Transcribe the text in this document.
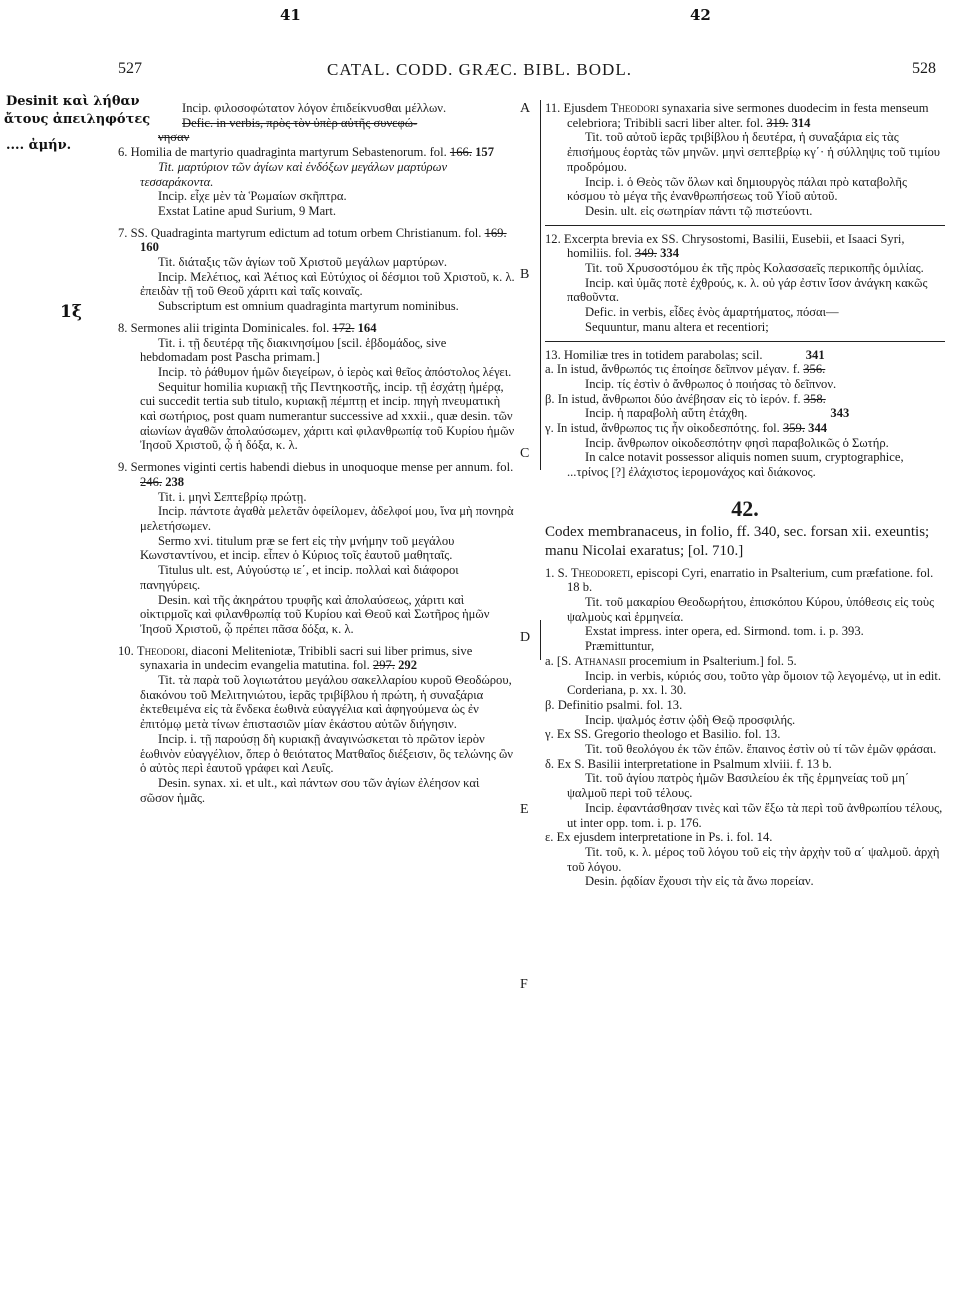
41	42
527	CATAL. CODD. GRÆC. BIBL. BODL.	528
Desinit καὶ λήθαν
ἄτους ἀπειληφότες
.... ἀμήν.
1ξ
A
B
C
D
E
F

Incip. φιλοσοφώτατον λόγον ἐπιδείκνυσθαι μέλλων.

Defic. in verbis, πρὸς τὸν ὑπὲρ αὐτῆς συνεφώ-

νησαν

6. Homilia de martyrio quadraginta martyrum Sebastenorum. fol. 166. 157

Tit. μαρτύριον τῶν ἁγίων καὶ ἐνδόξων μεγάλων μαρτύρων τεσσαράκοντα.

Incip. εἶχε μὲν τὰ Ῥωμαίων σκῆπτρα.

Exstat Latine apud Surium, 9 Mart.

7. SS. Quadraginta martyrum edictum ad totum orbem Christianum. fol. 169. 160

Tit. διάταξις τῶν ἁγίων τοῦ Χριστοῦ μεγάλων μαρτύρων.

Incip. Μελέτιος, καὶ Ἀέτιος καὶ Εὐτύχιος οἱ δέσμιοι τοῦ Χριστοῦ, κ. λ. ἐπειδὰν τῇ τοῦ Θεοῦ χάριτι καὶ ταῖς κοιναῖς.

Subscriptum est omnium quadraginta martyrum nominibus.

8. Sermones alii triginta Dominicales. fol. 172. 164

Tit. i. τῇ δευτέρᾳ τῆς διακινησίμου [scil. ἑβδομάδος, sive hebdomadam post Pascha primam.]

Incip. τὸ ῥάθυμον ἡμῶν διεγείρων, ὁ ἱερὸς καὶ θεῖος ἀπόστολος λέγει.

Sequitur homilia κυριακῇ τῆς Πεντηκοστῆς, incip. τῇ ἐσχάτῃ ἡμέρᾳ, cui succedit tertia sub titulo, κυριακῇ πέμπτῃ et incip. πηγὴ πνευματικὴ καὶ σωτήριος, post quam numerantur successive ad xxxii., quæ desin. τῶν αἰωνίων ἀγαθῶν ἀπολαύσωμεν, χάριτι καὶ φιλανθρωπίᾳ τοῦ Κυρίου ἡμῶν Ἰησοῦ Χριστοῦ, ᾧ ἡ δόξα, κ. λ.

9. Sermones viginti certis habendi diebus in unoquoque mense per annum. fol. 246. 238

Tit. i. μηνὶ Σεπτεβρίῳ πρώτῃ.

Incip. πάντοτε ἀγαθὰ μελετᾶν ὀφείλομεν, ἀδελφοί μου, ἵνα μὴ πονηρὰ μελετήσωμεν.

Sermo xvi. titulum præ se fert εἰς τὴν μνήμην τοῦ μεγάλου Κωνσταντίνου, et incip. εἶπεν ὁ Κύριος τοῖς ἑαυτοῦ μαθηταῖς.

Titulus ult. est, Αὐγούστῳ ιε΄, et incip. πολλαὶ καὶ διάφοροι πανηγύρεις.

Desin. καὶ τῆς ἀκηράτου τρυφῆς καὶ ἀπολαύσεως, χάριτι καὶ οἰκτιρμοῖς καὶ φιλανθρωπίᾳ τοῦ Κυρίου καὶ Θεοῦ καὶ Σωτῆρος ἡμῶν Ἰησοῦ Χριστοῦ, ᾧ πρέπει πᾶσα δόξα, κ. λ.

10. Theodori, diaconi Meliteniotæ, Tribibli sacri sui liber primus, sive synaxaria in undecim evangelia matutina. fol. 297. 292

Tit. τὰ παρὰ τοῦ λογιωτάτου μεγάλου σακελλαρίου κυροῦ Θεοδώρου, διακόνου τοῦ Μελιτηνιώτου, ἱερᾶς τριβίβλου ἡ πρώτη, ἡ συναξάρια ἐκτεθειμένα εἰς τὰ ἕνδεκα ἑωθινὰ εὐαγγέλια καὶ ἀφηγούμενα ὡς ἐν ἐπιτόμῳ μετὰ τίνων ἐπιστασιῶν μίαν ἑκάστου αὐτῶν διήγησιν.

Incip. i. τῇ παρούσῃ δὴ κυριακῇ ἀναγινώσκεται τὸ πρῶτον ἱερὸν ἑωθινὸν εὐαγγέλιον, ὅπερ ὁ θειότατος Ματθαῖος διέξεισιν, ὃς τελώνης ὢν ὁ αὐτὸς περὶ ἑαυτοῦ γράφει καὶ Λευΐς.

Desin. synax. xi. et ult., καὶ πάντων σου τῶν ἁγίων ἐλέησον καὶ σῶσον ἡμᾶς.

11. Ejusdem Theodori synaxaria sive sermones duodecim in festa menseum celebriora; Tribibli sacri liber alter. fol. 319. 314

Tit. τοῦ αὐτοῦ ἱερᾶς τριβίβλου ἡ δευτέρα, ἡ συναξάρια εἰς τὰς ἐπισήμους ἑορτὰς τῶν μηνῶν. μηνὶ σεπτεβρίῳ κγ΄· ἡ σύλληψις τοῦ τιμίου προδρόμου.

Incip. i. ὁ Θεὸς τῶν ὅλων καὶ δημιουργὸς πάλαι πρὸ καταβολῆς κόσμου τὸ μέγα τῆς ἐνανθρωπήσεως τοῦ Υἱοῦ αὐτοῦ.

Desin. ult. εἰς σωτηρίαν πάντι τῷ πιστεύοντι.

12. Excerpta brevia ex SS. Chrysostomi, Basilii, Eusebii, et Isaaci Syri, homiliis. fol. 349. 334

Tit. τοῦ Χρυσοστόμου ἐκ τῆς πρὸς Κολασσαεῖς περικοπῆς ὁμιλίας.

Incip. καὶ ὑμᾶς ποτὲ ἐχθρούς, κ. λ. οὐ γάρ ἐστιν ἴσον ἀνάγκη κακῶς παθοῦντα.

Defic. in verbis, εἶδες ἑνὸς ἁμαρτήματος, πόσαι—

Sequuntur, manu altera et recentiori;

13. Homiliæ tres in totidem parabolas; scil.	341

a. In istud, ἄνθρωπός τις ἐποίησε δεῖπνον μέγαν. f. 356.

Incip. τίς ἐστὶν ὁ ἄνθρωπος ὁ ποιήσας τὸ δεῖπνον.

β. In istud, ἄνθρωποι δύο ἀνέβησαν εἰς τὸ ἱερόν. f. 358.

Incip. ἡ παραβολὴ αὕτη ἐτάχθη.	343

γ. In istud, ἄνθρωπος τις ἦν οἰκοδεσπότης. fol. 359. 344

Incip. ἄνθρωπον οἰκοδεσπότην φησὶ παραβολικῶς ὁ Σωτήρ.

In calce notavit possessor aliquis nomen suum, cryptographice, ...τρίνος [?] ἐλάχιστος ἱερομονάχος καὶ διάκονος.

42.

Codex membranaceus, in folio, ff. 340, sec. forsan xii. exeuntis; manu Nicolai exaratus; [ol. 710.]

1. S. Theodoreti, episcopi Cyri, enarratio in Psalterium, cum præfatione. fol. 18 b.

Tit. τοῦ μακαρίου Θεοδωρήτου, ἐπισκόπου Κύρου, ὑπόθεσις εἰς τοὺς ψαλμοὺς καὶ ἑρμηνεία.

Exstat impress. inter opera, ed. Sirmond. tom. i. p. 393.

Præmittuntur,

a. [S. Athanasii procemium in Psalterium.] fol. 5.

Incip. in verbis, κύριός σου, τοῦτο γὰρ ὅμοιον τῷ λεγομένῳ, ut in edit. Corderiana, p. xx. l. 30.

β. Definitio psalmi. fol. 13.

Incip. ψαλμός ἐστιν ᾠδὴ Θεῷ προσφιλής.

γ. Ex SS. Gregorio theologo et Basilio. fol. 13.

Tit. τοῦ θεολόγου ἐκ τῶν ἐπῶν. ἔπαινος ἐστὶν οὐ τί τῶν ἐμῶν φράσαι.

δ. Ex S. Basilii interpretatione in Psalmum xlviii. f. 13 b.

Tit. τοῦ ἁγίου πατρὸς ἡμῶν Βασιλείου ἐκ τῆς ἑρμηνείας τοῦ μη΄ ψαλμοῦ περὶ τοῦ τέλους.

Incip. ἐφαντάσθησαν τινὲς καὶ τῶν ἔξω τὰ περὶ τοῦ ἀνθρωπίου τέλους, ut inter opp. tom. i. p. 176.

ε. Ex ejusdem interpretatione in Ps. i. fol. 14.

Tit. τοῦ, κ. λ. μέρος τοῦ λόγου τοῦ εἰς τὴν ἀρχὴν τοῦ α΄ ψαλμοῦ. ἀρχὴ τοῦ λόγου.

Desin. ῥᾳδίαν ἔχουσι τὴν εἰς τὰ ἄνω πορείαν.
